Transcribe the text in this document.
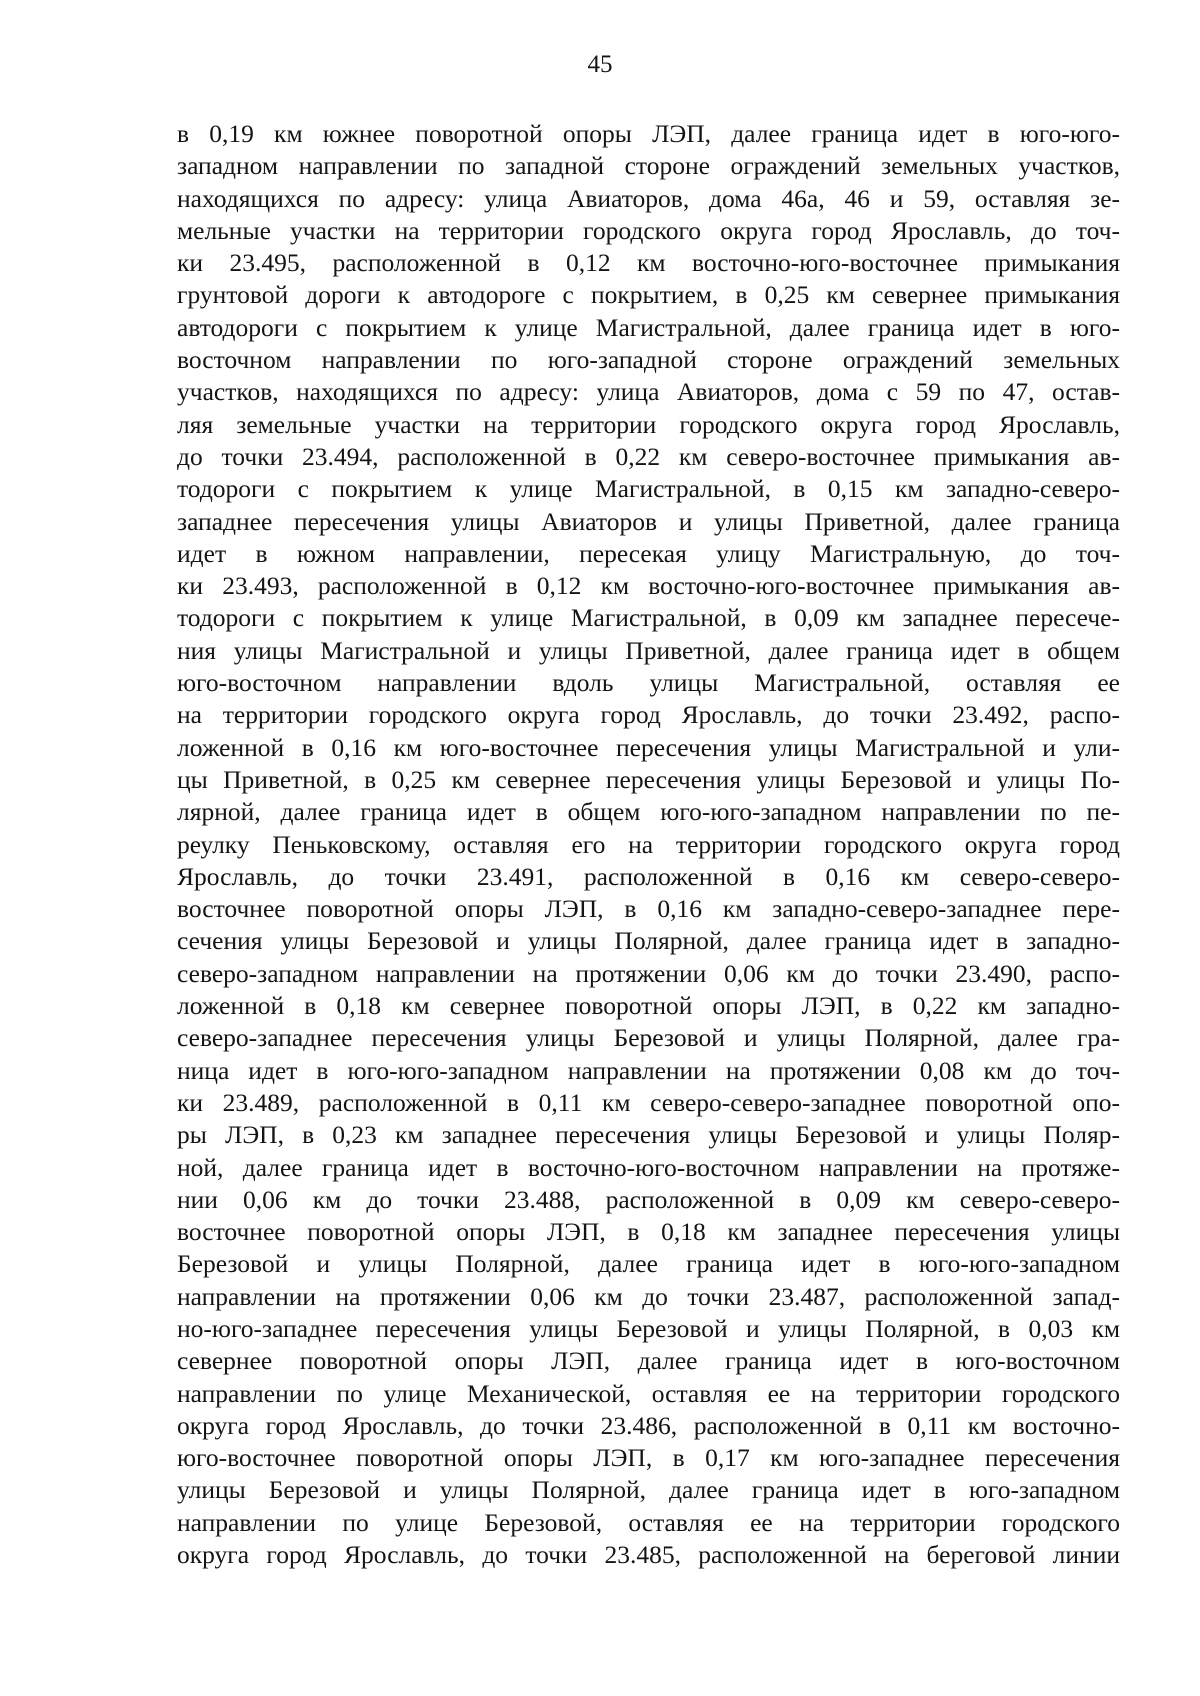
45
в 0,19 км южнее поворотной опоры ЛЭП, далее граница идет в юго-юго-
западном направлении по западной стороне ограждений земельных участков,
находящихся по адресу: улица Авиаторов, дома 46а, 46 и 59, оставляя зе-
мельные участки на территории городского округа город Ярославль, до точ-
ки 23.495, расположенной в 0,12 км восточно-юго-восточнее примыкания
грунтовой дороги к автодороге с покрытием, в 0,25 км севернее примыкания
автодороги с покрытием к улице Магистральной, далее граница идет в юго-
восточном направлении по юго-западной стороне ограждений земельных
участков, находящихся по адресу: улица Авиаторов, дома с 59 по 47, остав-
ляя земельные участки на территории городского округа город Ярославль,
до точки 23.494, расположенной в 0,22 км северо-восточнее примыкания ав-
тодороги с покрытием к улице Магистральной, в 0,15 км западно-северо-
западнее пересечения улицы Авиаторов и улицы Приветной, далее граница
идет в южном направлении, пересекая улицу Магистральную, до точ-
ки 23.493, расположенной в 0,12 км восточно-юго-восточнее примыкания ав-
тодороги с покрытием к улице Магистральной, в 0,09 км западнее пересече-
ния улицы Магистральной и улицы Приветной, далее граница идет в общем
юго-восточном направлении вдоль улицы Магистральной, оставляя ее
на территории городского округа город Ярославль, до точки 23.492, распо-
ложенной в 0,16 км юго-восточнее пересечения улицы Магистральной и ули-
цы Приветной, в 0,25 км севернее пересечения улицы Березовой и улицы По-
лярной, далее граница идет в общем юго-юго-западном направлении по пе-
реулку Пеньковскому, оставляя его на территории городского округа город
Ярославль, до точки 23.491, расположенной в 0,16 км северо-северо-
восточнее поворотной опоры ЛЭП, в 0,16 км западно-северо-западнее пере-
сечения улицы Березовой и улицы Полярной, далее граница идет в западно-
северо-западном направлении на протяжении 0,06 км до точки 23.490, распо-
ложенной в 0,18 км севернее поворотной опоры ЛЭП, в 0,22 км западно-
северо-западнее пересечения улицы Березовой и улицы Полярной, далее гра-
ница идет в юго-юго-западном направлении на протяжении 0,08 км до точ-
ки 23.489, расположенной в 0,11 км северо-северо-западнее поворотной опо-
ры ЛЭП, в 0,23 км западнее пересечения улицы Березовой и улицы Поляр-
ной, далее граница идет в восточно-юго-восточном направлении на протяже-
нии 0,06 км до точки 23.488, расположенной в 0,09 км северо-северо-
восточнее поворотной опоры ЛЭП, в 0,18 км западнее пересечения улицы
Березовой и улицы Полярной, далее граница идет в юго-юго-западном
направлении на протяжении 0,06 км до точки 23.487, расположенной запад-
но-юго-западнее пересечения улицы Березовой и улицы Полярной, в 0,03 км
севернее поворотной опоры ЛЭП, далее граница идет в юго-восточном
направлении по улице Механической, оставляя ее на территории городского
округа город Ярославль, до точки 23.486, расположенной в 0,11 км восточно-
юго-восточнее поворотной опоры ЛЭП, в 0,17 км юго-западнее пересечения
улицы Березовой и улицы Полярной, далее граница идет в юго-западном
направлении по улице Березовой, оставляя ее на территории городского
округа город Ярославль, до точки 23.485, расположенной на береговой линии
